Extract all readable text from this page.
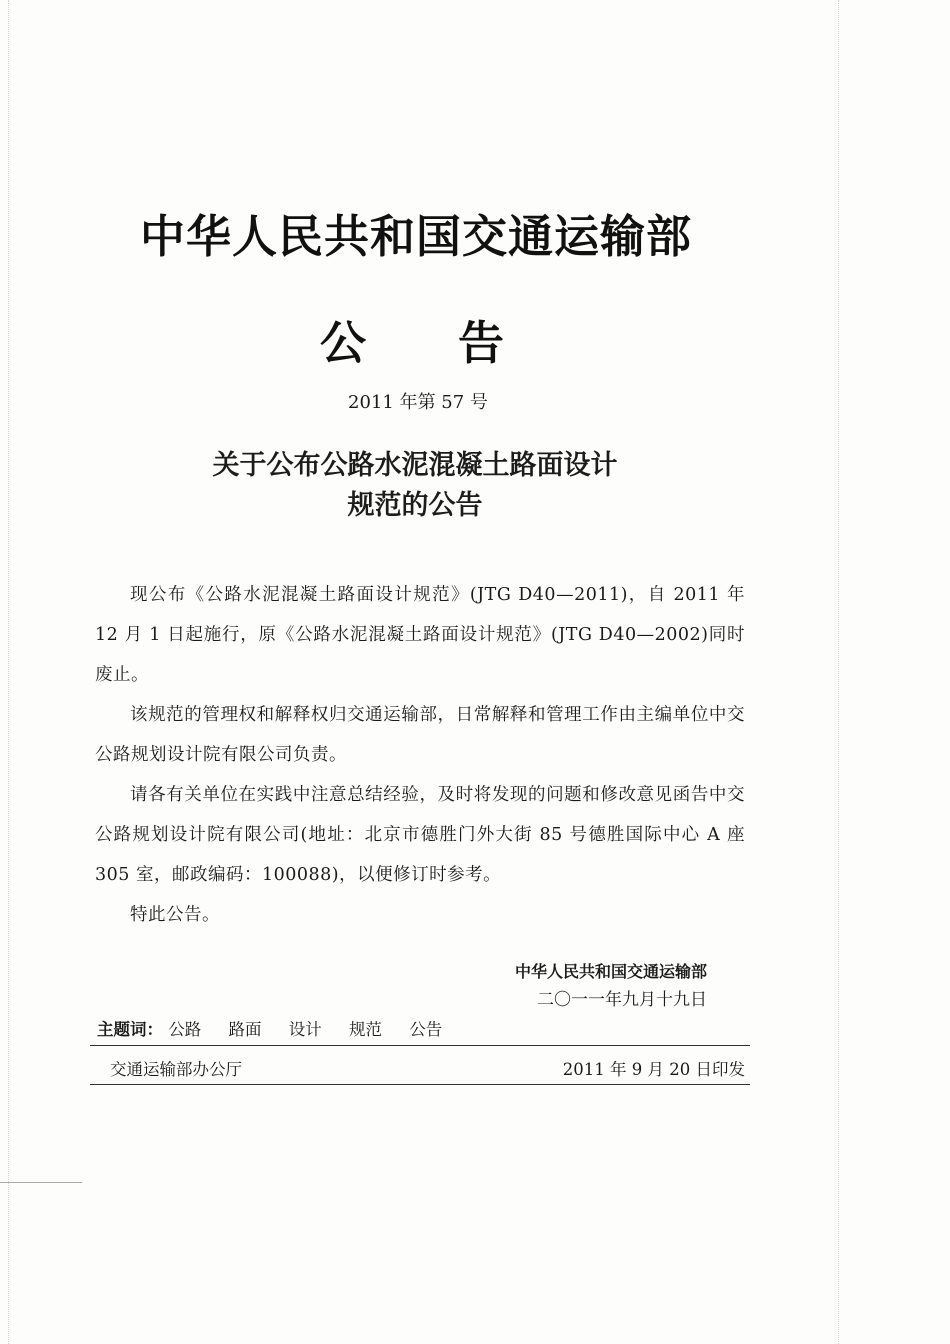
中华人民共和国交通运输部
公 告
2011 年第 57 号
关于公布公路水泥混凝土路面设计
规范的公告

现公布《公路水泥混凝土路面设计规范》(JTG D40—2011)，自 2011 年 12 月 1 日起施行，原《公路水泥混凝土路面设计规范》(JTG D40—2002)同时废止。

该规范的管理权和解释权归交通运输部，日常解释和管理工作由主编单位中交公路规划设计院有限公司负责。

请各有关单位在实践中注意总结经验，及时将发现的问题和修改意见函告中交公路规划设计院有限公司(地址：北京市德胜门外大街 85 号德胜国际中心 A 座 305 室，邮政编码：100088)，以便修订时参考。

特此公告。

中华人民共和国交通运输部
二〇一一年九月十九日
主题词： 公路 路面 设计 规范 公告
交通运输部办公厅	2011 年 9 月 20 日印发
